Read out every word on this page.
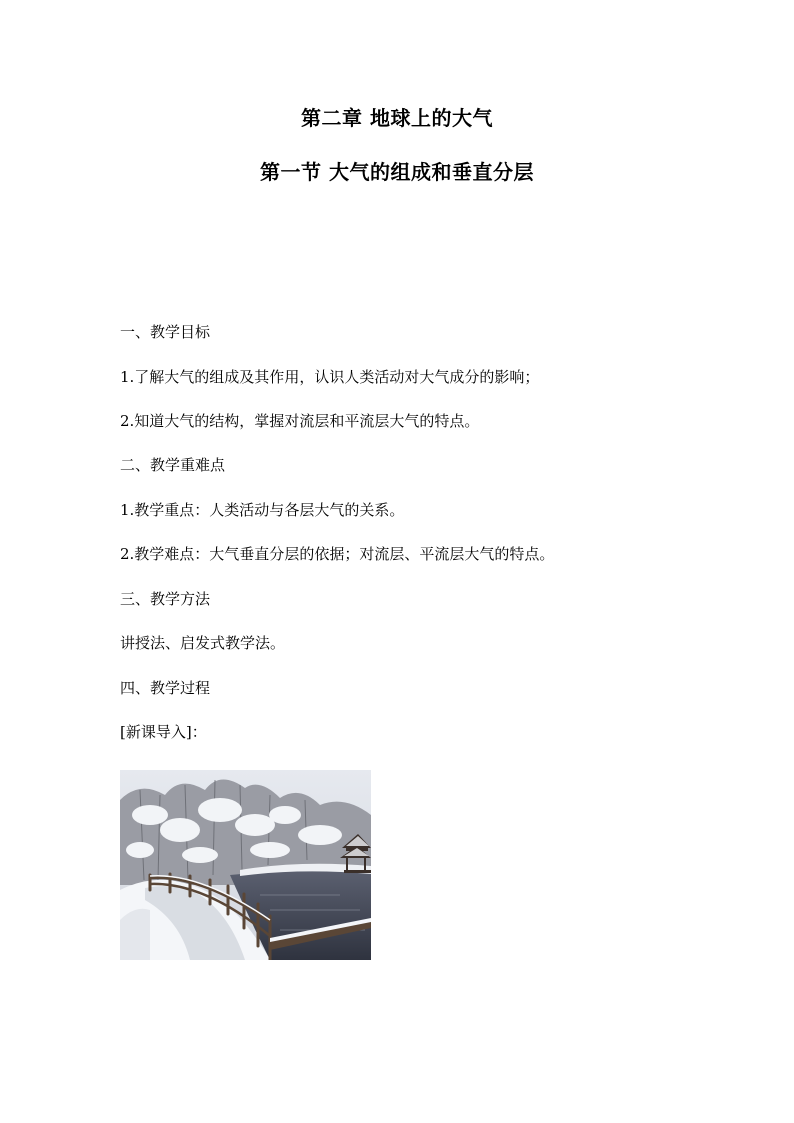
第二章 地球上的大气
第一节 大气的组成和垂直分层
一、教学目标
1.了解大气的组成及其作用，认识人类活动对大气成分的影响；
2.知道大气的结构，掌握对流层和平流层大气的特点。
二、教学重难点
1.教学重点：人类活动与各层大气的关系。
2.教学难点：大气垂直分层的依据；对流层、平流层大气的特点。
三、教学方法
讲授法、启发式教学法。
四、教学过程
[新课导入]：
